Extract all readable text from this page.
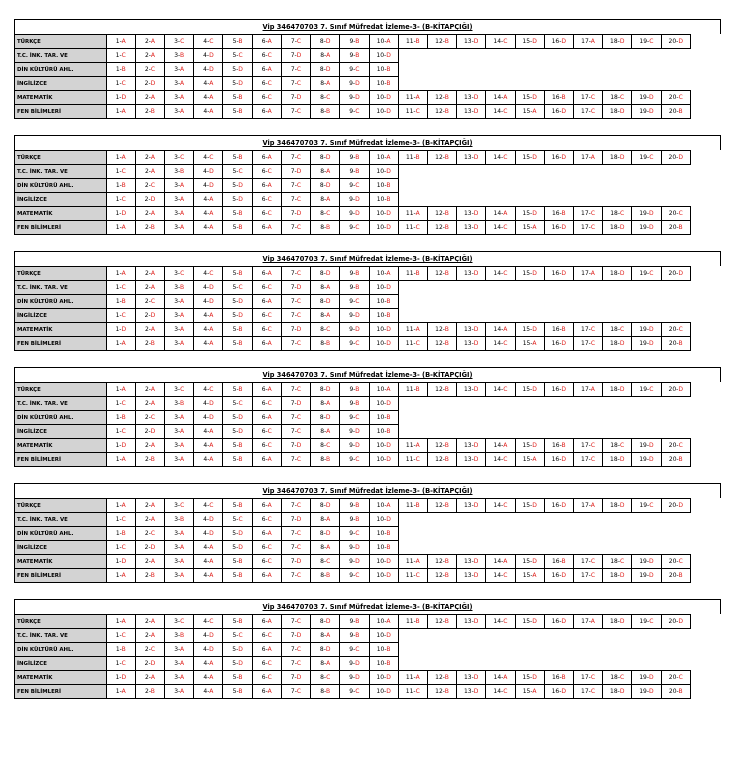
Vip 346470703 7. Sınıf Müfredat İzleme-3- (B-KİTAPÇIĞI)
TÜRKÇE	1-A	2-A	3-C	4-C	5-B	6-A	7-C	8-D	9-B	10-A	11-B	12-B	13-D	14-C	15-D	16-D	17-A	18-D	19-C	20-D
T.C. İNK. TAR. VE	1-C	2-A	3-B	4-D	5-C	6-C	7-D	8-A	9-B	10-D										
DİN KÜLTÜRÜ AHL.	1-B	2-C	3-A	4-D	5-D	6-A	7-C	8-D	9-C	10-B										
İNGİLİZCE	1-C	2-D	3-A	4-A	5-D	6-C	7-C	8-A	9-D	10-B										
MATEMATİK	1-D	2-A	3-A	4-A	5-B	6-C	7-D	8-C	9-D	10-D	11-A	12-B	13-D	14-A	15-D	16-B	17-C	18-C	19-D	20-C
FEN BİLİMLERİ	1-A	2-B	3-A	4-A	5-B	6-A	7-C	8-B	9-C	10-D	11-C	12-B	13-D	14-C	15-A	16-D	17-C	18-D	19-D	20-B
Vip 346470703 7. Sınıf Müfredat İzleme-3- (B-KİTAPÇIĞI)
TÜRKÇE	1-A	2-A	3-C	4-C	5-B	6-A	7-C	8-D	9-B	10-A	11-B	12-B	13-D	14-C	15-D	16-D	17-A	18-D	19-C	20-D
T.C. İNK. TAR. VE	1-C	2-A	3-B	4-D	5-C	6-C	7-D	8-A	9-B	10-D										
DİN KÜLTÜRÜ AHL.	1-B	2-C	3-A	4-D	5-D	6-A	7-C	8-D	9-C	10-B										
İNGİLİZCE	1-C	2-D	3-A	4-A	5-D	6-C	7-C	8-A	9-D	10-B										
MATEMATİK	1-D	2-A	3-A	4-A	5-B	6-C	7-D	8-C	9-D	10-D	11-A	12-B	13-D	14-A	15-D	16-B	17-C	18-C	19-D	20-C
FEN BİLİMLERİ	1-A	2-B	3-A	4-A	5-B	6-A	7-C	8-B	9-C	10-D	11-C	12-B	13-D	14-C	15-A	16-D	17-C	18-D	19-D	20-B
Vip 346470703 7. Sınıf Müfredat İzleme-3- (B-KİTAPÇIĞI)
TÜRKÇE	1-A	2-A	3-C	4-C	5-B	6-A	7-C	8-D	9-B	10-A	11-B	12-B	13-D	14-C	15-D	16-D	17-A	18-D	19-C	20-D
T.C. İNK. TAR. VE	1-C	2-A	3-B	4-D	5-C	6-C	7-D	8-A	9-B	10-D										
DİN KÜLTÜRÜ AHL.	1-B	2-C	3-A	4-D	5-D	6-A	7-C	8-D	9-C	10-B										
İNGİLİZCE	1-C	2-D	3-A	4-A	5-D	6-C	7-C	8-A	9-D	10-B										
MATEMATİK	1-D	2-A	3-A	4-A	5-B	6-C	7-D	8-C	9-D	10-D	11-A	12-B	13-D	14-A	15-D	16-B	17-C	18-C	19-D	20-C
FEN BİLİMLERİ	1-A	2-B	3-A	4-A	5-B	6-A	7-C	8-B	9-C	10-D	11-C	12-B	13-D	14-C	15-A	16-D	17-C	18-D	19-D	20-B
Vip 346470703 7. Sınıf Müfredat İzleme-3- (B-KİTAPÇIĞI)
TÜRKÇE	1-A	2-A	3-C	4-C	5-B	6-A	7-C	8-D	9-B	10-A	11-B	12-B	13-D	14-C	15-D	16-D	17-A	18-D	19-C	20-D
T.C. İNK. TAR. VE	1-C	2-A	3-B	4-D	5-C	6-C	7-D	8-A	9-B	10-D										
DİN KÜLTÜRÜ AHL.	1-B	2-C	3-A	4-D	5-D	6-A	7-C	8-D	9-C	10-B										
İNGİLİZCE	1-C	2-D	3-A	4-A	5-D	6-C	7-C	8-A	9-D	10-B										
MATEMATİK	1-D	2-A	3-A	4-A	5-B	6-C	7-D	8-C	9-D	10-D	11-A	12-B	13-D	14-A	15-D	16-B	17-C	18-C	19-D	20-C
FEN BİLİMLERİ	1-A	2-B	3-A	4-A	5-B	6-A	7-C	8-B	9-C	10-D	11-C	12-B	13-D	14-C	15-A	16-D	17-C	18-D	19-D	20-B
Vip 346470703 7. Sınıf Müfredat İzleme-3- (B-KİTAPÇIĞI)
TÜRKÇE	1-A	2-A	3-C	4-C	5-B	6-A	7-C	8-D	9-B	10-A	11-B	12-B	13-D	14-C	15-D	16-D	17-A	18-D	19-C	20-D
T.C. İNK. TAR. VE	1-C	2-A	3-B	4-D	5-C	6-C	7-D	8-A	9-B	10-D										
DİN KÜLTÜRÜ AHL.	1-B	2-C	3-A	4-D	5-D	6-A	7-C	8-D	9-C	10-B										
İNGİLİZCE	1-C	2-D	3-A	4-A	5-D	6-C	7-C	8-A	9-D	10-B										
MATEMATİK	1-D	2-A	3-A	4-A	5-B	6-C	7-D	8-C	9-D	10-D	11-A	12-B	13-D	14-A	15-D	16-B	17-C	18-C	19-D	20-C
FEN BİLİMLERİ	1-A	2-B	3-A	4-A	5-B	6-A	7-C	8-B	9-C	10-D	11-C	12-B	13-D	14-C	15-A	16-D	17-C	18-D	19-D	20-B
Vip 346470703 7. Sınıf Müfredat İzleme-3- (B-KİTAPÇIĞI)
TÜRKÇE	1-A	2-A	3-C	4-C	5-B	6-A	7-C	8-D	9-B	10-A	11-B	12-B	13-D	14-C	15-D	16-D	17-A	18-D	19-C	20-D
T.C. İNK. TAR. VE	1-C	2-A	3-B	4-D	5-C	6-C	7-D	8-A	9-B	10-D										
DİN KÜLTÜRÜ AHL.	1-B	2-C	3-A	4-D	5-D	6-A	7-C	8-D	9-C	10-B										
İNGİLİZCE	1-C	2-D	3-A	4-A	5-D	6-C	7-C	8-A	9-D	10-B										
MATEMATİK	1-D	2-A	3-A	4-A	5-B	6-C	7-D	8-C	9-D	10-D	11-A	12-B	13-D	14-A	15-D	16-B	17-C	18-C	19-D	20-C
FEN BİLİMLERİ	1-A	2-B	3-A	4-A	5-B	6-A	7-C	8-B	9-C	10-D	11-C	12-B	13-D	14-C	15-A	16-D	17-C	18-D	19-D	20-B
